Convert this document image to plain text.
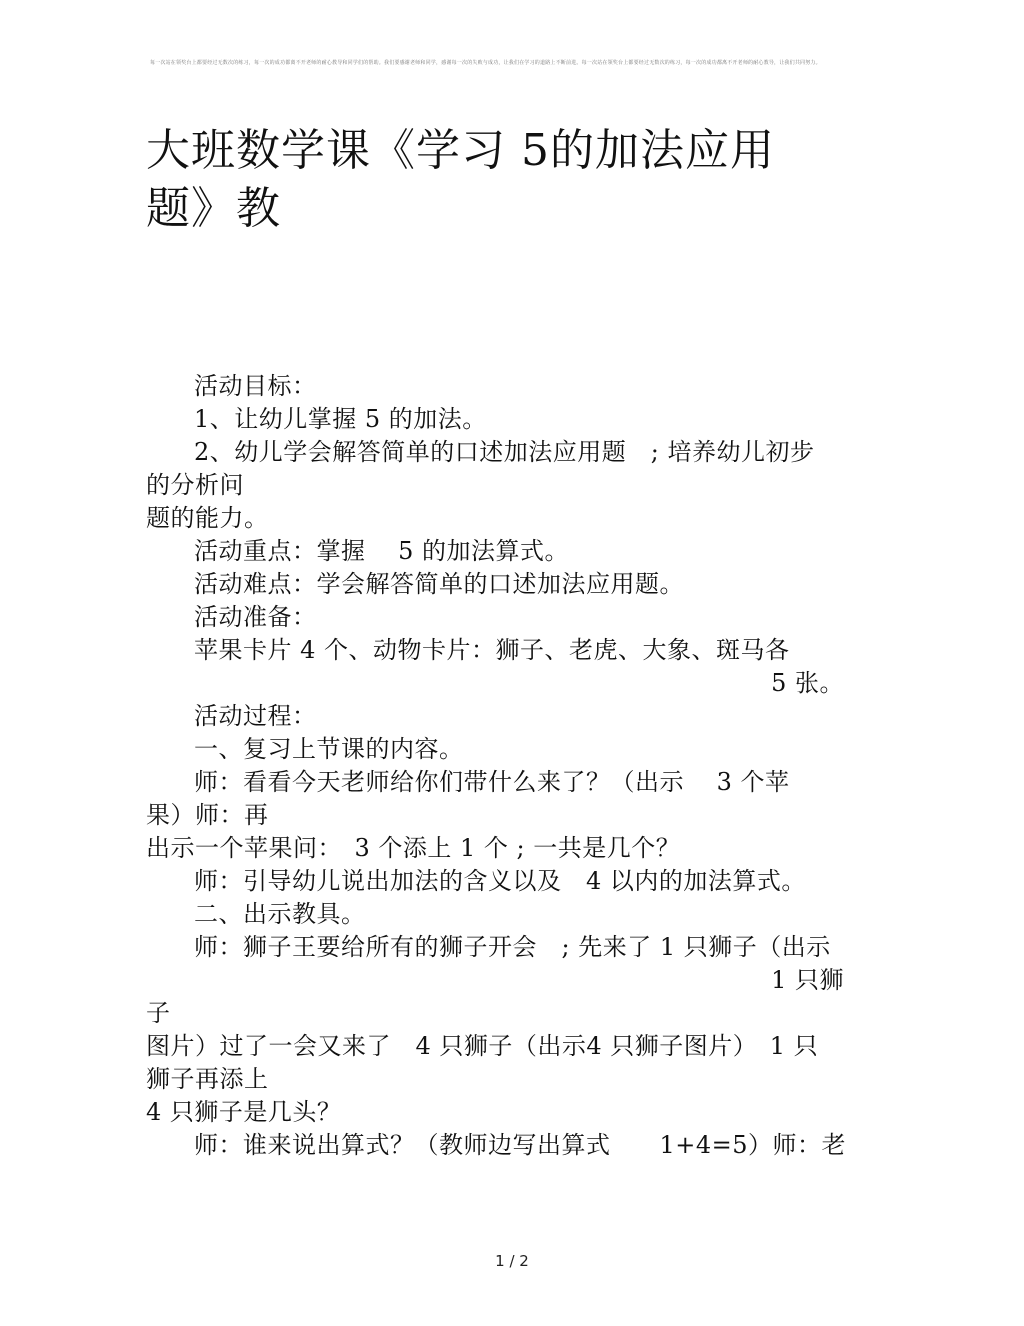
每一次站在领奖台上都要经过无数次的练习，每一次的成功都离不开老师的耐心教导和同学们的帮助。我们要感谢老师和同学，感谢每一次的失败与成功，让我们在学习的道路上不断前进。每一次站在领奖台上都要经过无数次的练习，每一次的成功都离不开老师的耐心教导，让我们共同努力。
大班数学课《学习 5的加法应用
题》教
活动目标：
1、让幼儿掌握 5 的加法。
2、幼儿学会解答简单的口述加法应用题　; 培养幼儿初步
的分析问
题的能力。
活动重点：掌握　 5 的加法算式。
活动难点：学会解答简单的口述加法应用题。
活动准备：
苹果卡片 4 个、动物卡片：狮子、老虎、大象、斑马各
5 张。
活动过程：
一、复习上节课的内容。
师：看看今天老师给你们带什么来了？（出示　 3 个苹
果）师：再
出示一个苹果问：　3 个添上 1 个 ; 一共是几个？
师：引导幼儿说出加法的含义以及　4 以内的加法算式。
二、出示教具。
师：狮子王要给所有的狮子开会　; 先来了 1 只狮子（出示
1 只狮
子
图片）过了一会又来了　4 只狮子（出示4 只狮子图片）　1 只
狮子再添上
4 只狮子是几头？
师：谁来说出算式？（教师边写出算式　　1+4=5）师：老
1 / 2
